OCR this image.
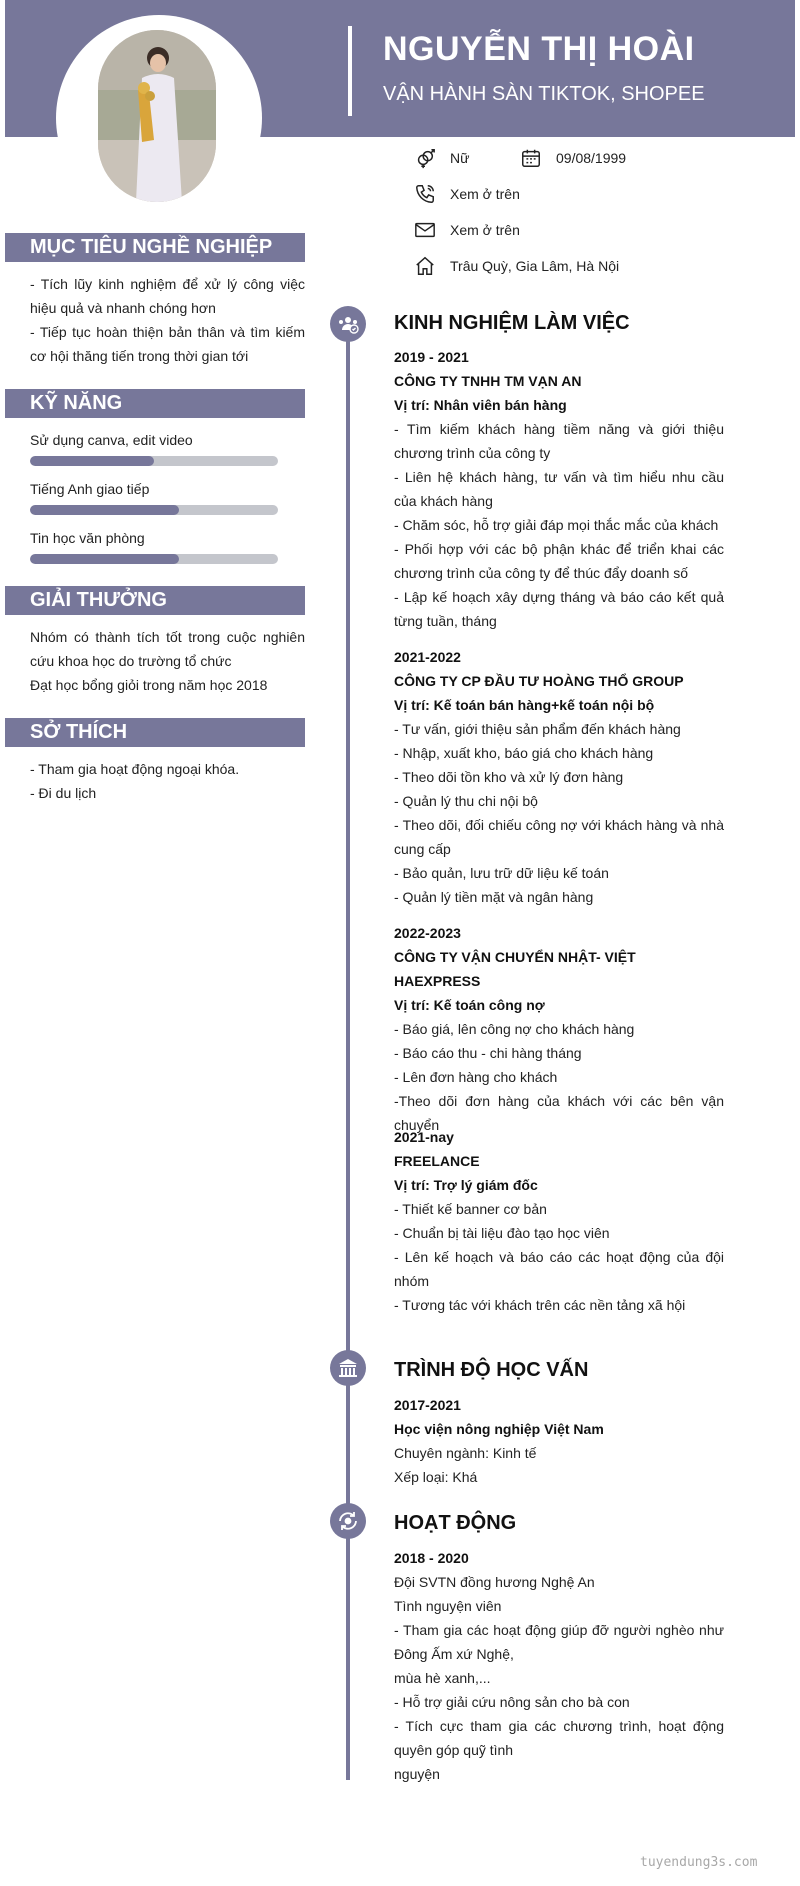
NGUYỄN THỊ HOÀI
VẬN HÀNH SÀN TIKTOK, SHOPEE
Nữ	09/08/1999
Xem ở trên
Xem ở trên
Trâu Quỳ, Gia Lâm, Hà Nội
MỤC TIÊU NGHỀ NGHIỆP
- Tích lũy kinh nghiệm để xử lý công việc hiệu quả và nhanh chóng hơn
- Tiếp tục hoàn thiện bản thân và tìm kiếm cơ hội thăng tiến trong thời gian tới
KỸ NĂNG
Sử dụng canva, edit video
Tiếng Anh giao tiếp
Tin học văn phòng
GIẢI THƯỞNG
Nhóm có thành tích tốt trong cuộc nghiên cứu khoa học do trường tổ chức
Đạt học bổng giỏi trong năm học 2018
SỞ THÍCH
- Tham gia hoạt động ngoại khóa.
- Đi du lịch
KINH NGHIỆM LÀM VIỆC
2019 - 2021
CÔNG TY TNHH TM VẠN AN
Vị trí: Nhân viên bán hàng
- Tìm kiếm khách hàng tiềm năng và giới thiệu chương trình của công ty
- Liên hệ khách hàng, tư vấn và tìm hiểu nhu cầu của khách hàng
- Chăm sóc, hỗ trợ giải đáp mọi thắc mắc của khách
- Phối hợp với các bộ phận khác để triển khai các chương trình của công ty để thúc đẩy doanh số
- Lập kế hoạch xây dựng tháng và báo cáo kết quả từng tuần, tháng
2021-2022
CÔNG TY CP ĐẦU TƯ HOÀNG THỔ GROUP
Vị trí: Kế toán bán hàng+kế toán nội bộ
- Tư vấn, giới thiệu sản phẩm đến khách hàng
- Nhập, xuất kho, báo giá cho khách hàng
- Theo dõi tồn kho và xử lý đơn hàng
- Quản lý thu chi nội bộ
- Theo dõi, đối chiếu công nợ với khách hàng và nhà cung cấp
- Bảo quản, lưu trữ dữ liệu kế toán
- Quản lý tiền mặt và ngân hàng
2022-2023
CÔNG TY VẬN CHUYỂN NHẬT- VIỆT HAEXPRESS
Vị trí: Kế toán công nợ
- Báo giá, lên công nợ cho khách hàng
- Báo cáo thu - chi hàng tháng
- Lên đơn hàng cho khách
-Theo dõi đơn hàng của khách với các bên vận chuyển
2021-nay
FREELANCE
Vị trí: Trợ lý giám đốc
- Thiết kế banner cơ bản
- Chuẩn bị tài liệu đào tạo học viên
- Lên kế hoạch và báo cáo các hoạt động của đội nhóm
- Tương tác với khách trên các nền tảng xã hội
TRÌNH ĐỘ HỌC VẤN
2017-2021
Học viện nông nghiệp Việt Nam
Chuyên ngành: Kinh tế
Xếp loại: Khá
HOẠT ĐỘNG
2018 - 2020
Đội SVTN đồng hương Nghệ An
Tình nguyện viên
- Tham gia các hoạt động giúp đỡ người nghèo như Đông Ấm xứ Nghệ,
mùa hè xanh,...
- Hỗ trợ giải cứu nông sản cho bà con
- Tích cực tham gia các chương trình, hoạt động quyên góp quỹ tình
nguyện
tuyendung3s.com
